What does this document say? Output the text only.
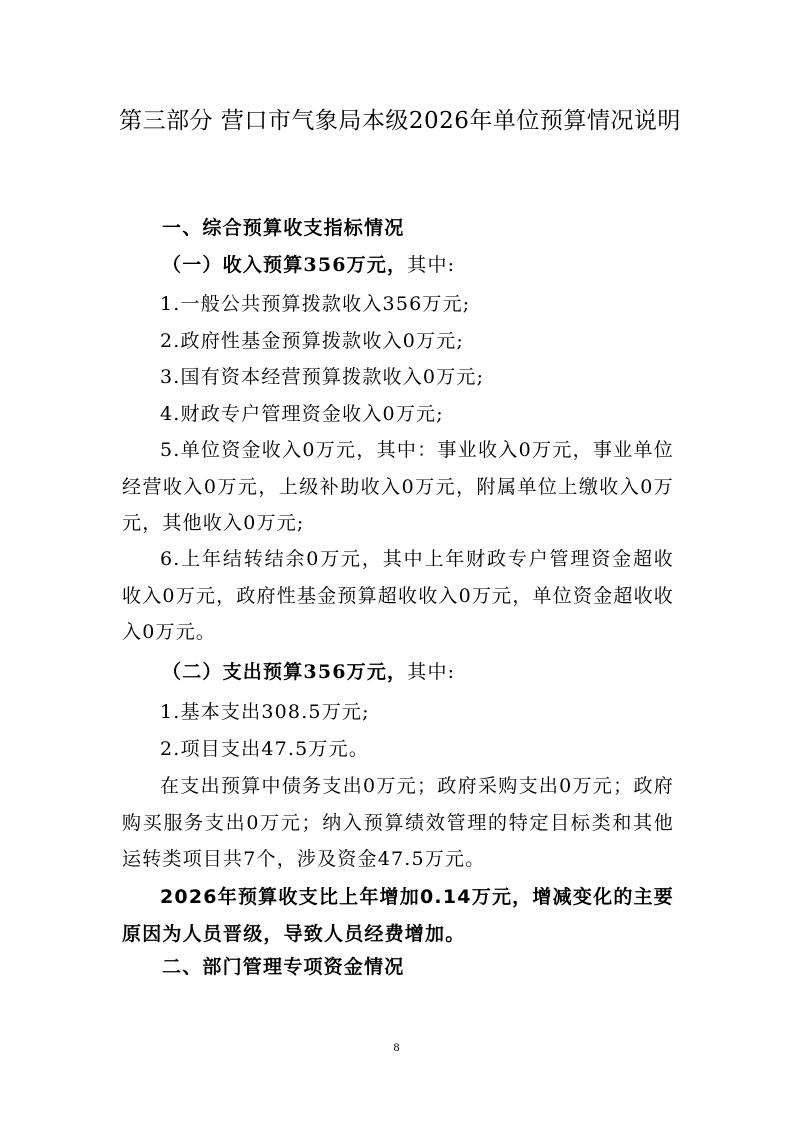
第三部分 营口市气象局本级2026年单位预算情况说明

一、综合预算收支指标情况

（一）收入预算356万元，其中:

1.一般公共预算拨款收入356万元;

2.政府性基金预算拨款收入0万元;

3.国有资本经营预算拨款收入0万元;

4.财政专户管理资金收入0万元;

5.单位资金收入0万元，其中：事业收入0万元，事业单位经营收入0万元，上级补助收入0万元，附属单位上缴收入0万元，其他收入0万元;

6.上年结转结余0万元，其中上年财政专户管理资金超收收入0万元，政府性基金预算超收收入0万元，单位资金超收收入0万元。

（二）支出预算356万元，其中:

1.基本支出308.5万元;

2.项目支出47.5万元。

在支出预算中债务支出0万元；政府采购支出0万元；政府购买服务支出0万元；纳入预算绩效管理的特定目标类和其他运转类项目共7个，涉及资金47.5万元。

2026年预算收支比上年增加0.14万元，增减变化的主要原因为人员晋级，导致人员经费增加。

二、部门管理专项资金情况

8
